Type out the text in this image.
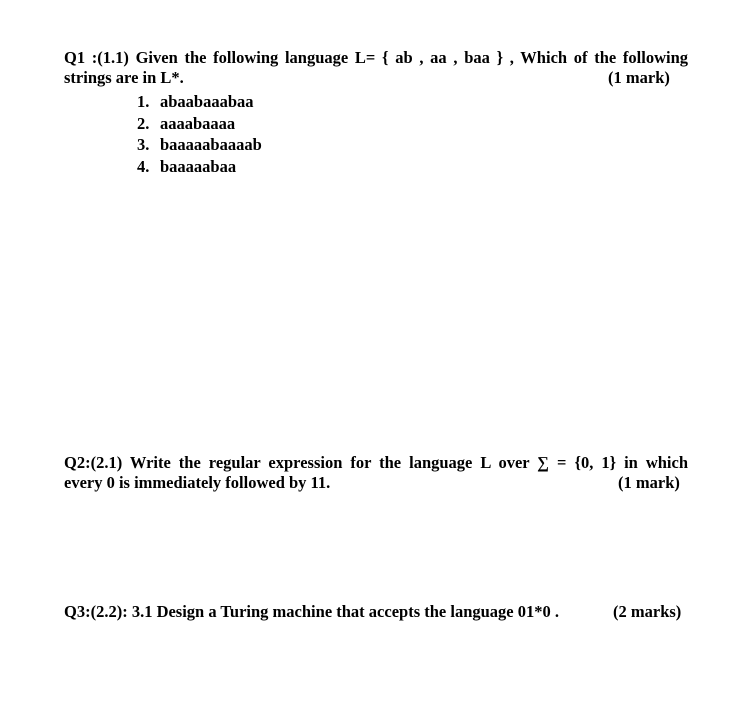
Q1 :(1.1) Given the following language L= { ab , aa , baa } , Which of the following
strings are in L*.	(1 mark)
1. abaabaaabaa
2. aaaabaaaa
3. baaaaabaaaab
4. baaaaabaa
Q2:(2.1) Write the regular expression for the language L over ∑ = {0, 1} in which
every 0 is immediately followed by 11.	(1 mark)
Q3:(2.2): 3.1 Design a Turing machine that accepts the language 01*0 .	(2 marks)
